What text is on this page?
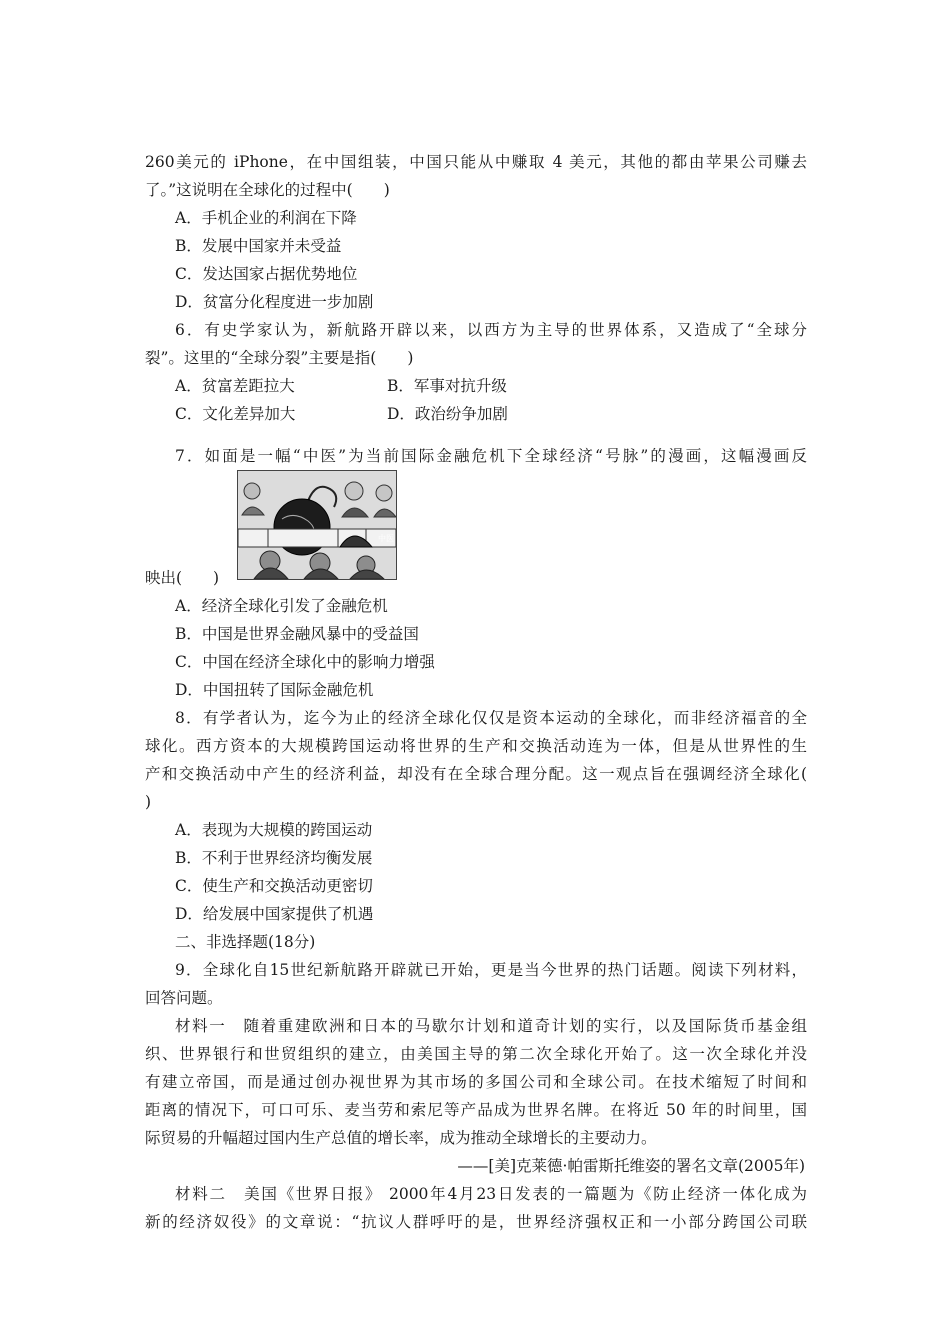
260美元的 iPhone，在中国组装，中国只能从中赚取 4 美元，其他的都由苹果公司赚去
了。”这说明在全球化的过程中(　　)
A．手机企业的利润在下降
B．发展中国家并未受益
C．发达国家占据优势地位
D．贫富分化程度进一步加剧
6．有史学家认为，新航路开辟以来，以西方为主导的世界体系，又造成了“全球分
裂”。这里的“全球分裂”主要是指(　　)
A．贫富差距拉大	B．军事对抗升级
C．文化差异加大	D．政治纷争加剧
7．如面是一幅“中医”为当前国际金融危机下全球经济“号脉”的漫画，这幅漫画反
中医
映出(　　)
A．经济全球化引发了金融危机
B．中国是世界金融风暴中的受益国
C．中国在经济全球化中的影响力增强
D．中国扭转了国际金融危机
8．有学者认为，迄今为止的经济全球化仅仅是资本运动的全球化，而非经济福音的全
球化。西方资本的大规模跨国运动将世界的生产和交换活动连为一体，但是从世界性的生
产和交换活动中产生的经济利益，却没有在全球合理分配。这一观点旨在强调经济全球化(
)
A．表现为大规模的跨国运动
B．不利于世界经济均衡发展
C．使生产和交换活动更密切
D．给发展中国家提供了机遇
二、非选择题(18分)
9．全球化自15世纪新航路开辟就已开始，更是当今世界的热门话题。阅读下列材料，
回答问题。
材料一　随着重建欧洲和日本的马歇尔计划和道奇计划的实行，以及国际货币基金组
织、世界银行和世贸组织的建立，由美国主导的第二次全球化开始了。这一次全球化并没
有建立帝国，而是通过创办视世界为其市场的多国公司和全球公司。在技术缩短了时间和
距离的情况下，可口可乐、麦当劳和索尼等产品成为世界名牌。在将近 50 年的时间里，国
际贸易的升幅超过国内生产总值的增长率，成为推动全球增长的主要动力。
——[美]克莱德·帕雷斯托维姿的署名文章(2005年)
材料二　美国《世界日报》 2000年4月23日发表的一篇题为《防止经济一体化成为
新的经济奴役》的文章说：“抗议人群呼吁的是，世界经济强权正和一小部分跨国公司联
